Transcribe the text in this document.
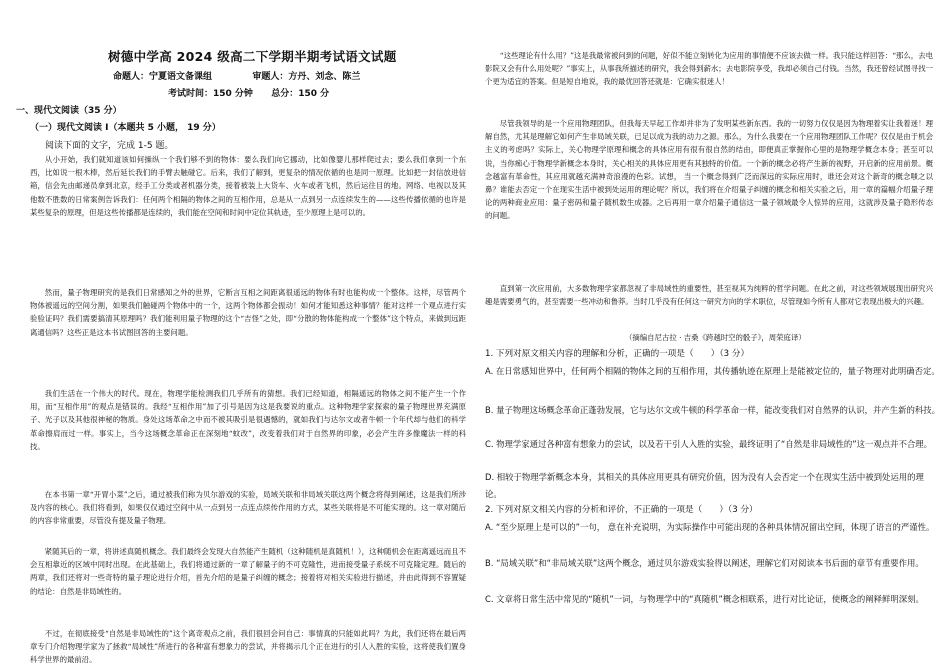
树德中学高 2024 级高二下学期半期考试语文试题
命题人：宁夏语文备课组	审题人：方丹、刘念、陈兰
考试时间：150 分钟 总分：150 分
一、现代文阅读（35 分）
（一）现代文阅读 I（本题共 5 小题， 19 分）
阅读下面的文字，完成 1-5 题。

从小开始，我们就知道该如何操纵一个我们够不到的物体：要么我们向它挪动，比如像婴儿那样爬过去；要么我们拿到一个东西，比如说一根木棒，然后延长我们的手臂去触碰它。后来，我们了解到，更复杂的情况依循的也是同一原理。比如把一封信放进信箱，信会先由邮递员拿到北京，经手工分类或者机器分类，接着被装上大货车、火车或者飞机，然后运往目的地。网络、电视以及其他数不胜数的日常案例告诉我们：任何两个相隔的物体之间的互相作用，总是从一点到另一点连续发生的——这些传播依循的也许是某些复杂的原理，但是这些传播都是连续的，我们能在空间和时间中定位其轨迹，至少原理上是可以的。

然而，量子物理研究的是我们日常感知之外的世界，它断言互相之间距离很遥远的物体有时也能构成一个整体。这样，尽管两个物体被遥远的空间分割，如果我们触碰两个物体中的一个，这两个物体都会振动！如何才能知悉这种事情？能对这样一个观点进行实验验证吗？我们需要搞清其原理吗？我们能利用量子物理的这个“吉怪”之处，即“分散的物体能构成一个整体”这个特点，来做到远距离通信吗？这些正是这本书试图回答的主要问题。

我们生活在一个伟大的时代。现在，物理学能检测我们几乎所有的猜想。我们已经知道，相隔遥远的物体之间不能产生一个作用，而“互相作用”的观点是错误的。我经“互相作用”加了引号是因为这是我要说的重点。这种物理学家探索的量子物理世界充满原子、光子以及其他很神秘的物质。身处这场革命之中而不被其吸引是很遇憾的，就如我们与达尔文或者牛顿一个年代却与他们的科学革命擦肩而过一样。事实上，当今这场概念革命正在深刻地“蚊改”，改变着我们对于自然界的印象，必会产生许多像魔法一样的科技。

在本书第一章“开胃小菜”之后，通过被我们称为贝尔游戏的实验，局域关联和非局域关联这两个概念将得到阐述，这是我们所涉及内容的核心。我们将看到，如果仅仅通过空间中从一点到另一点连点续传作用的方式，某些关联将是不可能实现的。这一章对随后的内容非常重要，尽管没有提及量子物理。

紧随其后的一章，将讲述真随机概念。我们最终会发现大自然能产生随机（这种随机是真随机！），这种随机会在距离遥远而且不会互相靠近的区域中同时出现。在此基础上，我们将通过新的一章了解量子的不可克隆性，进而接受量子系统不可克隆定理。随后的两章，我们还将对一些奇特的量子理论进行介绍，首先介绍的是量子纠缠的概念；接着将对相关实验进行描述，并由此得到不容置疑的结论：自然是非局域性的。

不过，在彻底接受“自然是非局域性的”这个离奇观点之前，我们很回会问自己：事情真的只能如此吗？为此，我们还将在最后两章专门介绍物理学家为了拯救“局域性”所进行的各种富有想象力的尝试，并将揭示几个正在进行的引人入胜的实验，这将使我们置身科学世界的最前沿。

“这些理论有什么用？”这是我最常被问到的问题，好似不能立刻转化为应用的事情便不应该去做一样。我只能这样回答：“那么，去电影院又会有什么用处呢？”事实上，从事我所描述的研究，我会得到薪水；去电影院享受，我却必须自己付钱。当然，我还曾经试图寻找一个更为适宜的答案。但是短自地说，我的最优回答还就是：它确实很迷人！

尽管我领导的是一个应用物理团队，但我每天早起工作却并非为了发明某些新东西。我的一切努力仅仅是因为物理着实让我着迷！理解自然，尤其是理解它如何产生非局域关联，已足以成为我的动力之源。那么，为什么我要在一个应用物理团队工作呢？仅仅是由于机会主义的考虑吗？实际上，关心物理学原理和概念的具体应用有很有很自然的结由，即便真正掌握你心里的是物理学概念本身；甚至可以说，当你痴心于物理学新概念本身时，关心相关的具体应用更有其独特的价值。一个新的概念必将产生新的视野，开启新的应用前景。概念越富有革命性，其应用就越充满神奇浪漫的色彩。试想， 当一个概念得到广泛而深远的实际应用时，谁还会对这个新奇的概念嗤之以鼻？谁能去否定一个在现实生活中被到处运用的理论呢？所以，我们将在介绍量子纠缠的概念和相关实验之后，用一章的篇幅介绍量子理论的两种商业应用：量子密码和量子随机数生成器。之后再用一章介绍量子通信这一量子领域最令人惊异的应用，这就涉及量子隐形传态的问题。

直到第一次应用前，大多数物理学家都忽视了非局域性的重要性，甚至视其为纯粹的哲学问题。在此之前，对这些领域展现出研究兴趣是需要勇气的，甚至需要一些冲动和鲁莽。当时几乎没有任何这一研究方向的学术职位，尽管现如今所有人都对它表现出极大的兴趣。

（摘编自尼古拉 · 吉桑《跨越时空的骰子》，周荣庭译）

1. 下列对原文相关内容的理解和分析，正确的一项是（　　）（3 分）

A. 在日常感知世界中，任何两个相隔的物体之间的互相作用，其传播轨迹在原理上是能被定位的，量子物理对此明确否定。

B. 量子物理这场概念革命正蓬勃发展，它与达尔文或牛顿的科学革命一样，能改变我们对自然界的认识，并产生新的科技。

C. 物理学家通过各种富有想象力的尝试，以及若干引人入胜的实验，最终证明了“自然是非局域性的”这一观点并不合理。

D. 相较于物理学新概念本身，其相关的具体应用更具有研究价值，因为没有人会否定一个在现实生活中被到处运用的理论。

2. 下列对原文相关内容的分析和评价，不正确的一项是（　　）（3 分）

A. “至少原理上是可以的”一句， 意在补充说明，为实际操作中可能出现的各种具体情况留出空间，体现了语言的严谨性。

B. “局域关联”和“非局域关联”这两个概念，通过贝尔游戏实验得以阐述，理解它们对阅读本书后面的章节有重要作用。

C. 文章将日常生活中常见的“随机”一词，与物理学中的“真随机”概念相联系，进行对比论证，使概念的阐释鲜明深刻。
